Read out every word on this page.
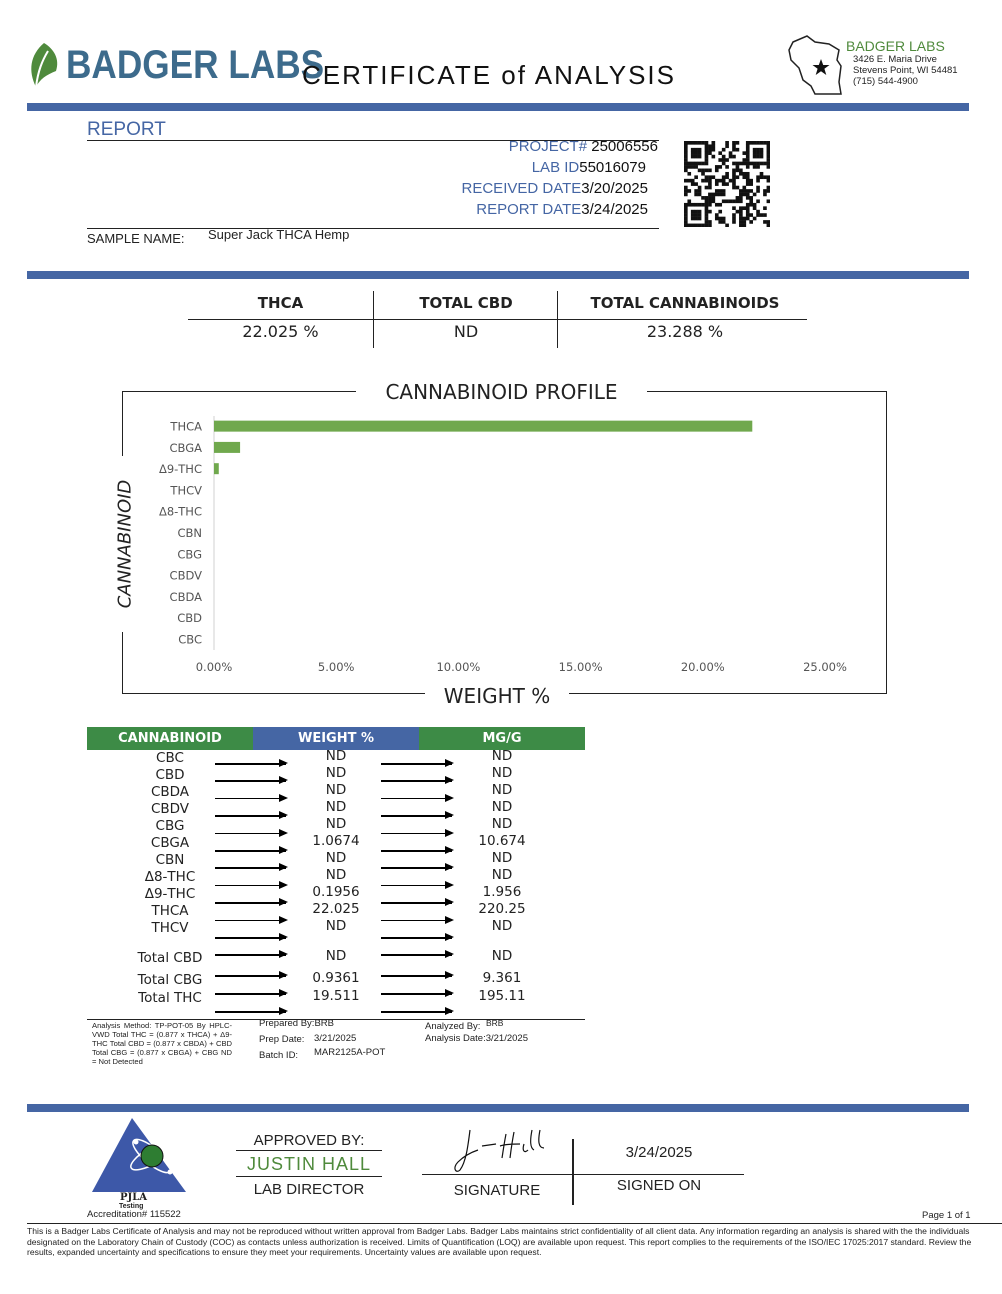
BADGER LABS
CERTIFICATE of ANALYSIS
BADGER LABS
3426 E. Maria Drive
Stevens Point, WI 54481
(715) 544-4900
REPORT
PROJECT# 25006556
LAB ID55016079
RECEIVED DATE3/20/2025
REPORT DATE3/24/2025
SAMPLE NAME: Super Jack THCA Hemp
THCA	TOTAL CBD	TOTAL CANNABINOIDS
22.025 %	ND	23.288 %
THCA
CBGA
Δ9-THC
THCV
Δ8-THC
CBN
CBG
CBDV
CBDA
CBD
CBC
0.00%	5.00%	10.00%	15.00%	20.00%	25.00%
CANNABINOID PROFILE
WEIGHT %
CANNABINOID
CANNABINOID	WEIGHT %	MG/G
CBC	ND	ND
CBD	ND	ND
CBDA	ND	ND
CBDV	ND	ND
CBG	ND	ND
CBGA	1.0674	10.674
CBN	ND	ND
Δ8-THC	ND	ND
Δ9-THC	0.1956	1.956
THCA	22.025	220.25
THCV	ND	ND
Total CBD	ND	ND
Total CBG	0.9361	9.361
Total THC	19.511	195.11
Analysis Method: TP-POT-05 By HPLC-VWD Total THC = (0.877 x THCA) + Δ9-THC Total CBD = (0.877 x CBDA) + CBD Total CBG = (0.877 x CBGA) + CBG ND = Not Detected
Prepared By:BRB
Prep Date: 3/21/2025
Batch ID: MAR2125A-POT
Analyzed By: BRB
Analysis Date:3/21/2025
PJLA
Testing
Accreditation# 115522
APPROVED BY:
JUSTIN HALL
LAB DIRECTOR	SIGNATURE
3/24/2025
SIGNED ON
Page 1 of 1
This is a Badger Labs Certificate of Analysis and may not be reproduced without written approval from Badger Labs. Badger Labs maintains strict confidentiality of all client data. Any information regarding an analysis is shared with the the individuals designated on the Laboratory Chain of Custody (COC) as contacts unless authorization is received. Limits of Quantification (LOQ) are available upon request. This report complies to the requirements of the ISO/IEC 17025:2017 standard. Review the results, expanded uncertainty and specifications to ensure they meet your requirements. Uncertainty values are available upon request.
